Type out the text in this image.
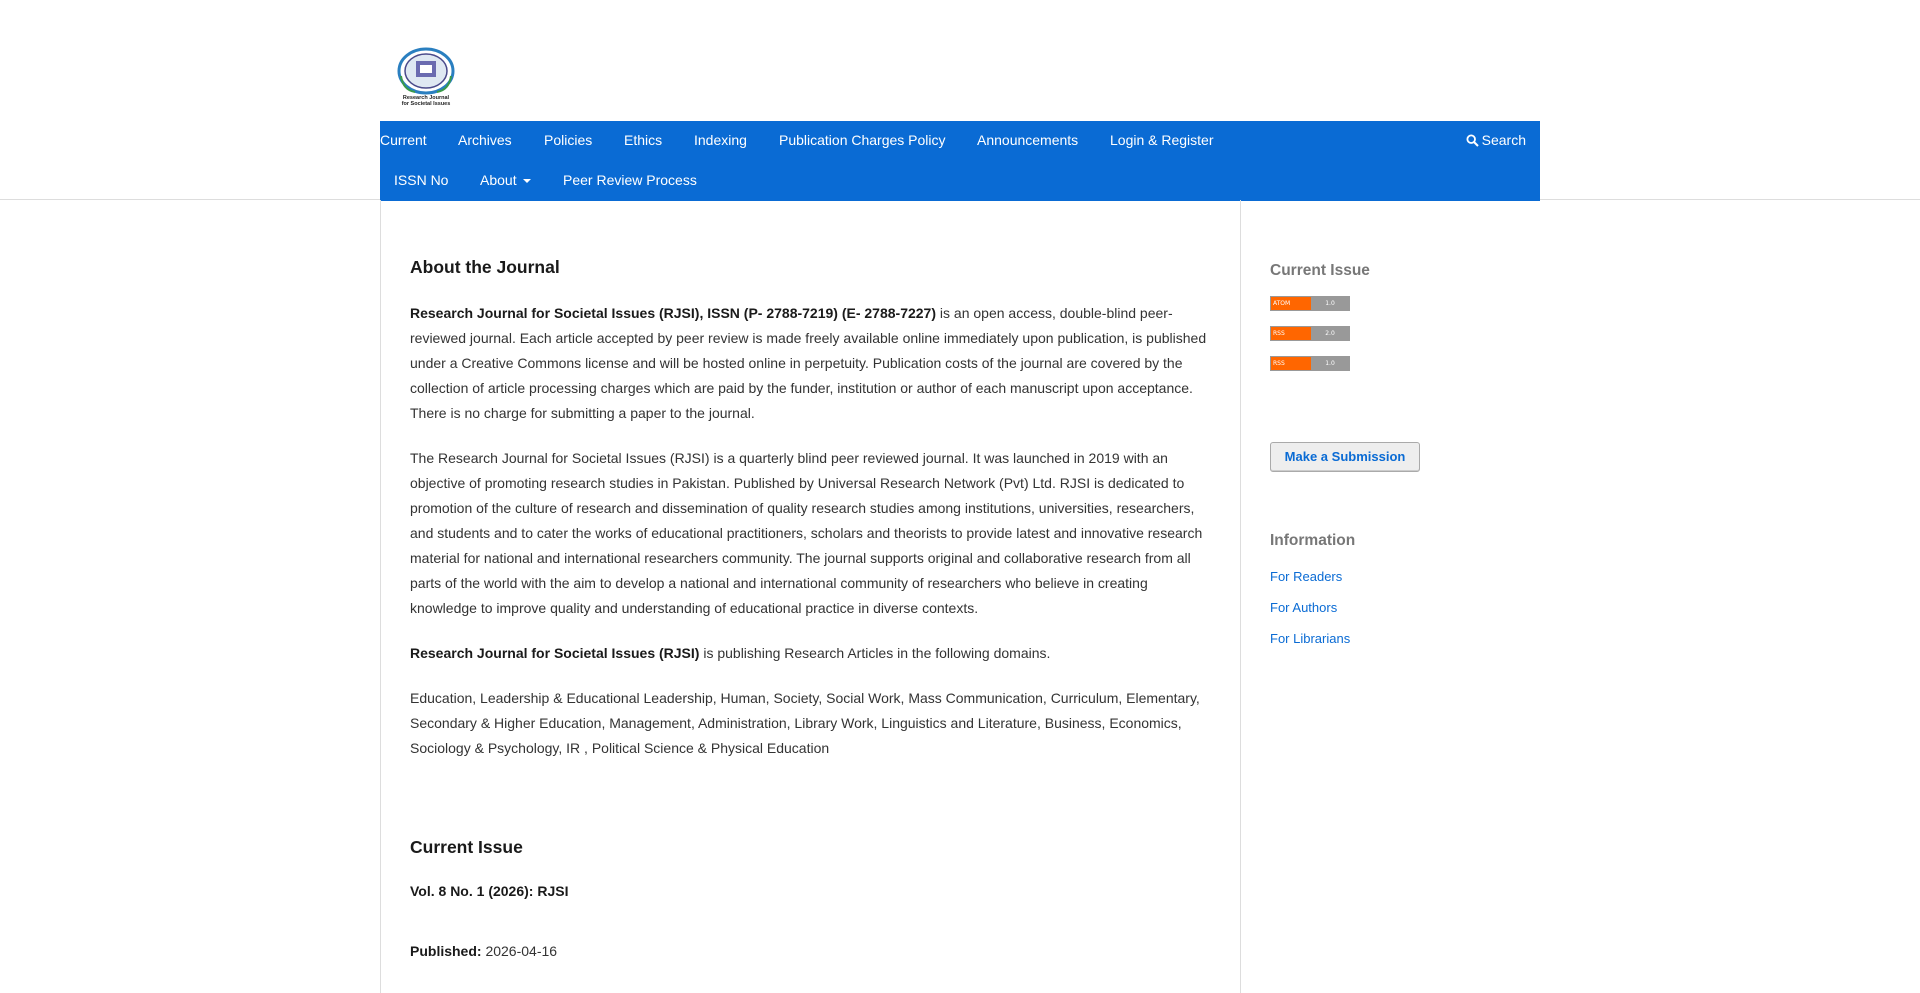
Research Journal
for Societal Issues
Current Archives Policies Ethics Indexing Publication Charges Policy Announcements Login & Register	Search
ISSN No About	Peer Review Process
About the Journal

Research Journal for Societal Issues (RJSI), ISSN (P- 2788-7219) (E- 2788-7227) is an open access, double-blind peer-reviewed journal. Each article accepted by peer review is made freely available online immediately upon publication, is published under a Creative Commons license and will be hosted online in perpetuity. Publication costs of the journal are covered by the collection of article processing charges which are paid by the funder, institution or author of each manuscript upon acceptance. There is no charge for submitting a paper to the journal.

The Research Journal for Societal Issues (RJSI) is a quarterly blind peer reviewed journal. It was launched in 2019 with an objective of promoting research studies in Pakistan. Published by Universal Research Network (Pvt) Ltd. RJSI is dedicated to promotion of the culture of research and dissemination of quality research studies among institutions, universities, researchers, and students and to cater the works of educational practitioners, scholars and theorists to provide latest and innovative research material for national and international researchers community. The journal supports original and collaborative research from all parts of the world with the aim to develop a national and international community of researchers who believe in creating knowledge to improve quality and understanding of educational practice in diverse contexts.

Research Journal for Societal Issues (RJSI) is publishing Research Articles in the following domains.

Education, Leadership & Educational Leadership, Human, Society, Social Work, Mass Communication, Curriculum, Elementary, Secondary & Higher Education, Management, Administration, Library Work, Linguistics and Literature, Business, Economics, Sociology & Psychology, IR , Political Science & Physical Education

Current Issue

Vol. 8 No. 1 (2026): RJSI

Published: 2026-04-16

Current Issue
ATOM	1.0
RSS	2.0
RSS	1.0
Make a Submission
Information
For Readers
For Authors
For Librarians
